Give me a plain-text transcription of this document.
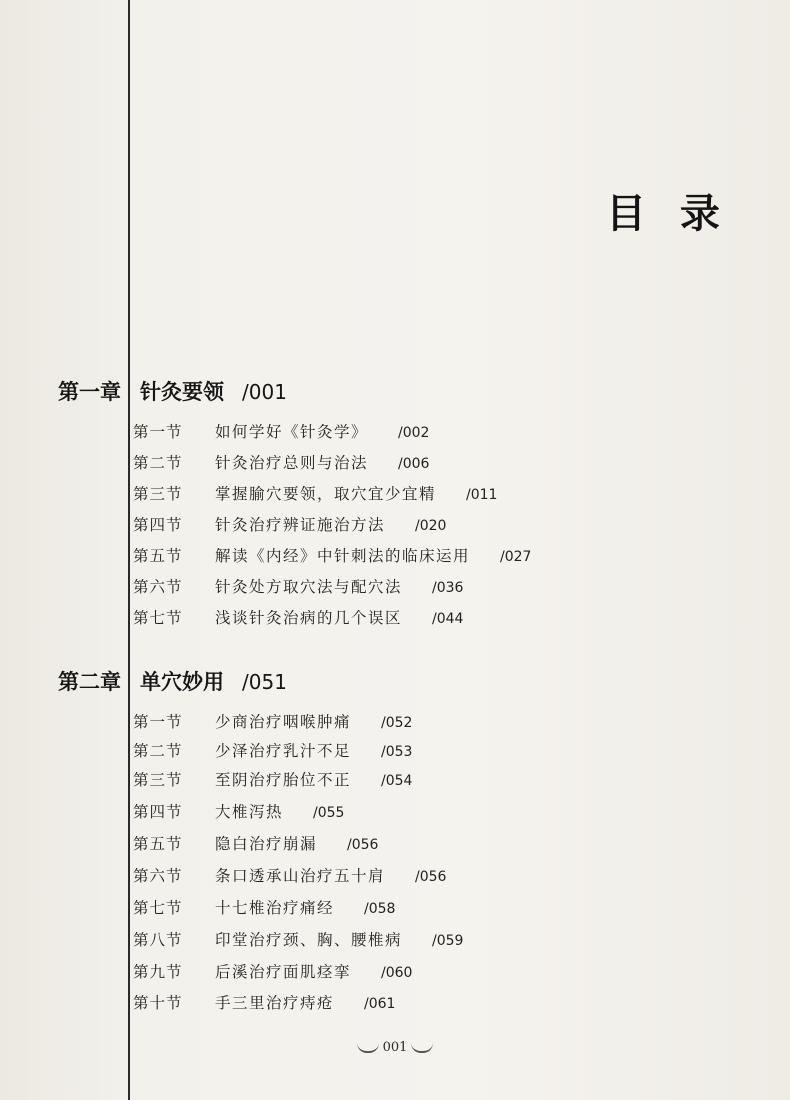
目 录
第一章 针灸要领 /001
第一节 如何学好《针灸学》 /002
第二节 针灸治疗总则与治法 /006
第三节 掌握腧穴要领，取穴宜少宜精 /011
第四节 针灸治疗辨证施治方法 /020
第五节 解读《内经》中针刺法的临床运用 /027
第六节 针灸处方取穴法与配穴法 /036
第七节 浅谈针灸治病的几个误区 /044
第二章 单穴妙用 /051
第一节 少商治疗咽喉肿痛 /052
第二节 少泽治疗乳汁不足 /053
第三节 至阴治疗胎位不正 /054
第四节 大椎泻热 /055
第五节 隐白治疗崩漏 /056
第六节 条口透承山治疗五十肩 /056
第七节 十七椎治疗痛经 /058
第八节 印堂治疗颈、胸、腰椎病 /059
第九节 后溪治疗面肌痉挛 /060
第十节 手三里治疗痔疮 /061
001
